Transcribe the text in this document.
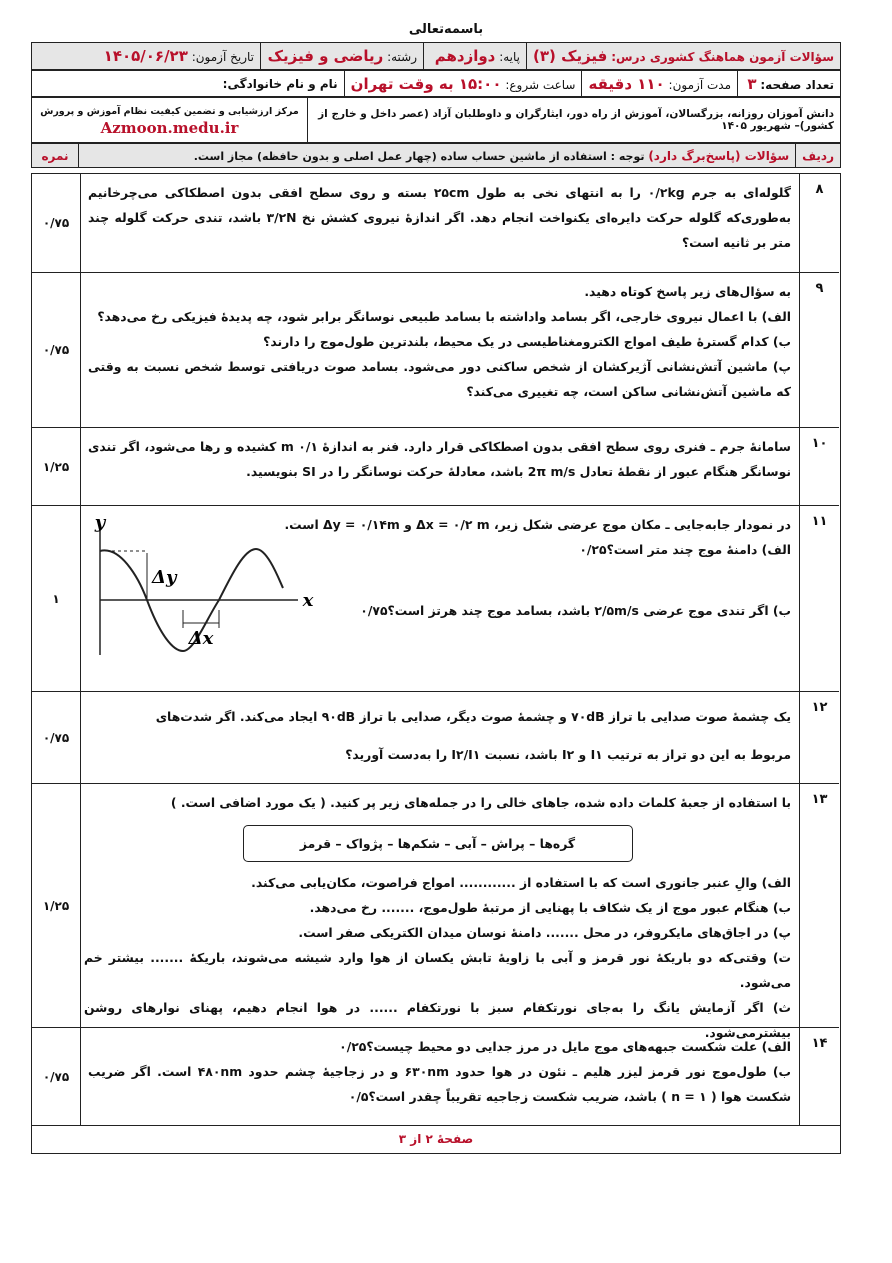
باسمه‌تعالی
سؤالات آزمون هماهنگ کشوری درس: فیزیک (۳)	پایه: دوازدهم	رشته: ریاضی و فیزیک	تاریخ آزمون: ۱۴۰۵/۰۶/۲۳
تعداد صفحه: ۳	مدت آزمون: ۱۱۰ دقیقه	ساعت شروع: ۱۵:۰۰ به وقت تهران	نام و نام خانوادگی:
دانش آموزان روزانه، بزرگسالان، آموزش از راه دور، ایثارگران و داوطلبان آزاد (عصر داخل و خارج از کشور)– شهریور ۱۴۰۵	
مرکز ارزشیابی و تضمین کیفیت نظام آموزش و پرورش
Azmoon.medu.ir
ردیف	سؤالات (پاسخ‌برگ دارد) توجه : استفاده از ماشین حساب ساده (چهار عمل اصلی و بدون حافظه) مجاز است.	نمره
۸
۰/۷۵

گلوله‌ای به جرم ۰/۲kg را به انتهای نخی به طول ۲۵cm بسته و روی سطح افقی بدون اصطکاکی می‌چرخانیم به‌طوری‌که گلوله حرکت دایره‌ای یکنواخت انجام دهد. اگر اندازهٔ نیروی کشش نخ ۳/۲N باشد، تندی حرکت گلوله چند متر بر ثانیه است؟

۹
۰/۷۵

به سؤال‌های زیر پاسخ کوتاه دهید.

الف) با اعمال نیروی خارجی، اگر بسامد واداشته با بسامد طبیعی نوسانگر برابر شود، چه پدیدهٔ فیزیکی رخ می‌دهد؟

ب) کدام گسترهٔ طیف امواج الکترومغناطیسی در یک محیط، بلندترین طول‌موج را دارند؟

پ) ماشین آتش‌نشانی آژیرکشان از شخص ساکنی دور می‌شود. بسامد صوت دریافتی توسط شخص نسبت به وقتی که ماشین آتش‌نشانی ساکن است، چه تغییری می‌کند؟

۱۰
۱/۲۵

سامانهٔ جرم ـ فنری روی سطح افقی بدون اصطکاکی قرار دارد. فنر به اندازهٔ ۰/۱ m کشیده و رها می‌شود، اگر تندی نوسانگر هنگام عبور از نقطهٔ تعادل 2π m/s باشد، معادلهٔ حرکت نوسانگر را در SI بنویسید.

۱۱
۱

در نمودار جابه‌جایی ـ مکان موج عرضی شکل زیر، Δx = ۰/۲ m و Δy = ۰/۱۴m است.

الف) دامنهٔ موج چند متر است؟۰/۲۵

ب) اگر تندی موج عرضی ۲/۵m/s باشد، بسامد موج چند هرتز است؟۰/۷۵

y
x
Δy
Δx
۱۲
۰/۷۵

یک چشمهٔ صوت صدایی با تراز ۷۰dB و چشمهٔ صوت دیگر، صدایی با تراز ۹۰dB ایجاد می‌کند. اگر شدت‌های

مربوط به این دو تراز به ترتیب I۱ و I۲ باشد، نسبت I۲/I۱ را به‌دست آورید؟

۱۳
۱/۲۵

با استفاده از جعبهٔ کلمات داده شده، جاهای خالی را در جمله‌های زیر پر کنید. ( یک مورد اضافی است. )

گره‌ها – پراش – آبی – شکم‌ها – پژواک – قرمز

الف) والِ عنبر جانوری است که با استفاده از ............ امواج فراصوت، مکان‌یابی می‌کند.

ب) هنگام عبور موج از یک شکاف با پهنایی از مرتبهٔ طول‌موج، ....... رخ می‌دهد.

پ) در اجاق‌های مایکروفر، در محل ....... دامنهٔ نوسان میدان الکتریکی صفر است.

ت) وقتی‌که دو باریکهٔ نور قرمز و آبی با زاویهٔ تابش یکسان از هوا وارد شیشه می‌شوند، باریکهٔ ....... بیشتر خم می‌شود.

ث) اگر آزمایش یانگ را به‌جای نورتکفام سبز با نورتکفام ...... در هوا انجام دهیم، پهنای نوارهای روشن بیشتر‌می‌شود.

۱۴
۰/۷۵

الف) علت شکست جبهه‌های موج مایل در مرز جدایی دو محیط چیست؟۰/۲۵

ب) طول‌موج نور قرمز لیزر هلیم ـ نئون در هوا حدود ۶۳۰nm و در زجاجیهٔ چشم حدود ۴۸۰nm است. اگر ضریب شکست هوا ( n = ۱ ) باشد، ضریب شکست زجاجیه تقریباً چقدر است؟۰/۵

صفحهٔ ۲ از ۳
